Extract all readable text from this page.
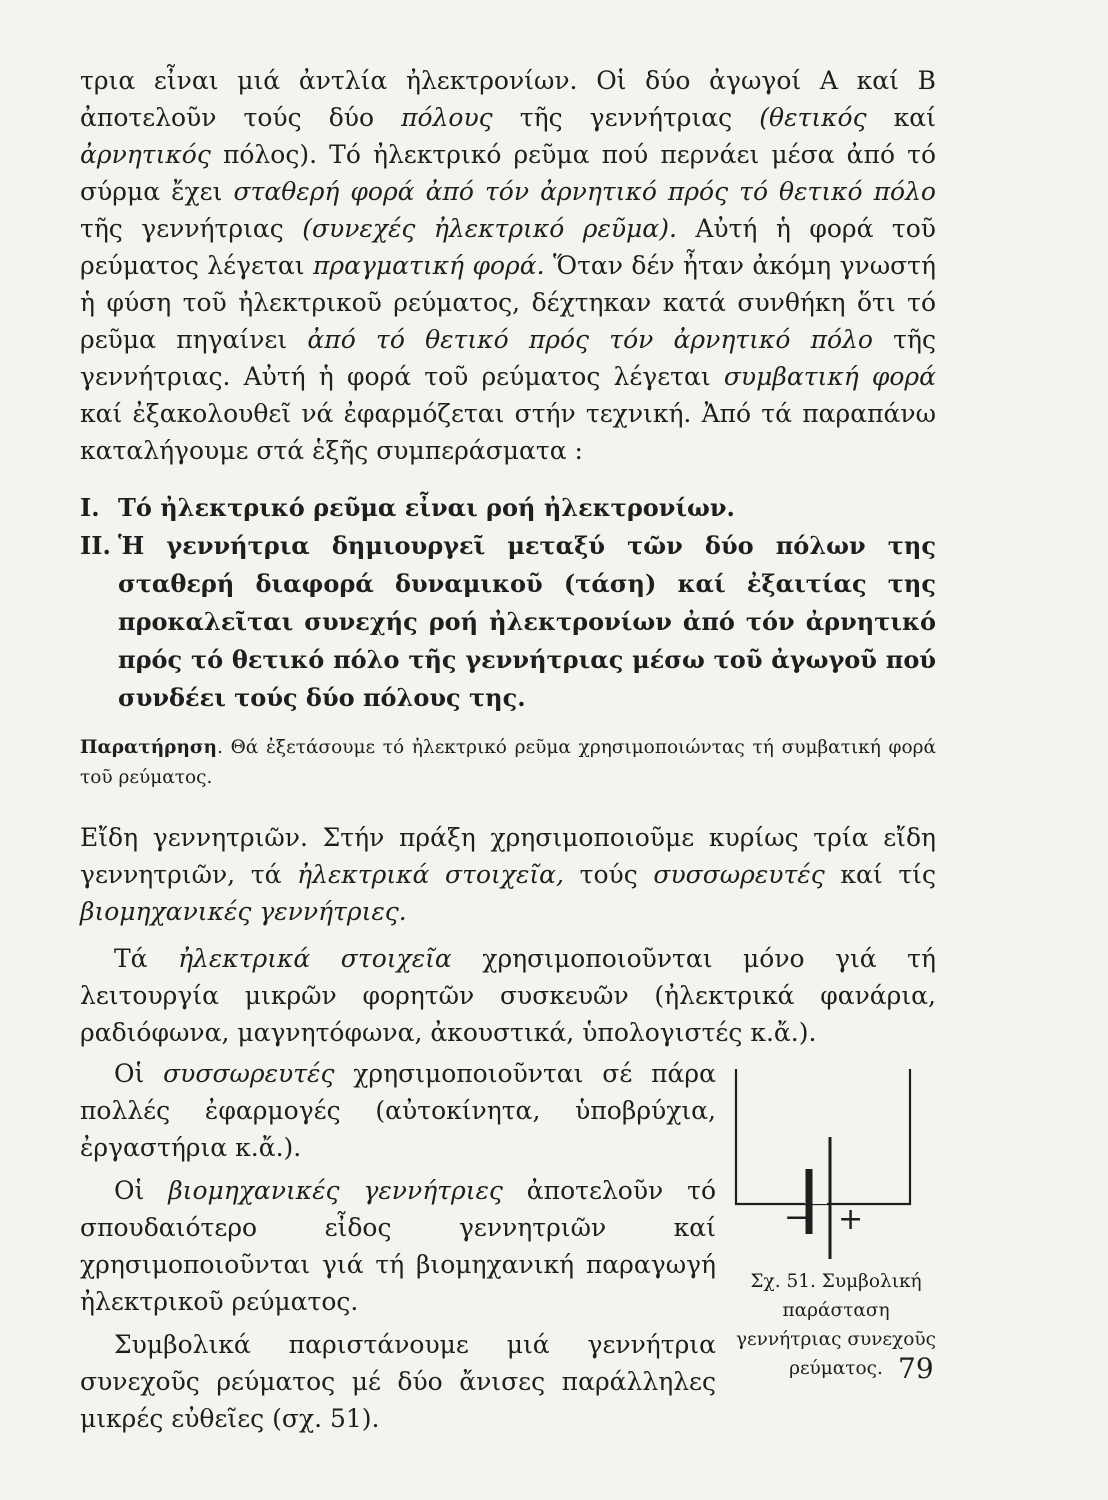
τρια εἶναι μιά ἀντλία ἠλεκτρονίων. Οἱ δύο ἀγωγοί Α καί Β ἀποτελοῦν τούς δύο πόλους τῆς γεννήτριας (θετικός καί ἀρνητικός πόλος). Τό ἠλεκτρικό ρεῦμα πού περνάει μέσα ἀπό τό σύρμα ἔχει σταθερή φορά ἀπό τόν ἀρνητικό πρός τό θετικό πόλο τῆς γεννήτριας (συνεχές ἠλεκτρικό ρεῦμα). Αὐτή ἡ φορά τοῦ ρεύματος λέγεται πραγματική φορά. Ὅταν δέν ἦταν ἀκόμη γνωστή ἡ φύση τοῦ ἠλεκτρικοῦ ρεύματος, δέχτηκαν κατά συνθήκη ὅτι τό ρεῦμα πηγαίνει ἀπό τό θετικό πρός τόν ἀρνητικό πόλο τῆς γεννήτριας. Αὐτή ἡ φορά τοῦ ρεύματος λέγεται συμβατική φορά καί ἐξακολουθεῖ νά ἐφαρμόζεται στήν τεχνική. Ἀπό τά παραπάνω καταλήγουμε στά ἑξῆς συμπεράσματα :

I. Τό ἠλεκτρικό ρεῦμα εἶναι ροή ἠλεκτρονίων.
II. Ἡ γεννήτρια δημιουργεῖ μεταξύ τῶν δύο πόλων της σταθερή διαφορά δυναμικοῦ (τάση) καί ἐξαιτίας της προκαλεῖται συνεχής ροή ἠλεκτρονίων ἀπό τόν ἀρνητικό πρός τό θετικό πόλο τῆς γεννήτριας μέσω τοῦ ἀγωγοῦ πού συνδέει τούς δύο πόλους της.

Παρατήρηση. Θά ἐξετάσουμε τό ἠλεκτρικό ρεῦμα χρησιμοποιώντας τή συμβατική φορά τοῦ ρεύματος.

Εἴδη γεννητριῶν. Στήν πράξη χρησιμοποιοῦμε κυρίως τρία εἴδη γεννητριῶν, τά ἠλεκτρικά στοιχεῖα, τούς συσσωρευτές καί τίς βιομηχανικές γεννήτριες.

Τά ἠλεκτρικά στοιχεῖα χρησιμοποιοῦνται μόνο γιά τή λειτουργία μικρῶν φορητῶν συσκευῶν (ἠλεκτρικά φανάρια, ραδιόφωνα, μαγνητόφωνα, ἀκουστικά, ὑπολογιστές κ.ἄ.).

Οἱ συσσωρευτές χρησιμοποιοῦνται σέ πάρα πολλές ἐφαρμογές (αὐτοκίνητα, ὑποβρύχια, ἐργαστήρια κ.ἄ.).

Οἱ βιομηχανικές γεννήτριες ἀποτελοῦν τό σπουδαιότερο εἶδος γεννητριῶν καί χρησιμοποιοῦνται γιά τή βιομηχανική παραγωγή ἠλεκτρικοῦ ρεύματος.

Συμβολικά παριστάνουμε μιά γεννήτρια συνεχοῦς ρεύματος μέ δύο ἄνισες παράλληλες μικρές εὐθεῖες (σχ. 51).

− +
Σχ. 51. Συμβολική παράσταση γεννήτριας συνεχοῦς ρεύματος. 79
